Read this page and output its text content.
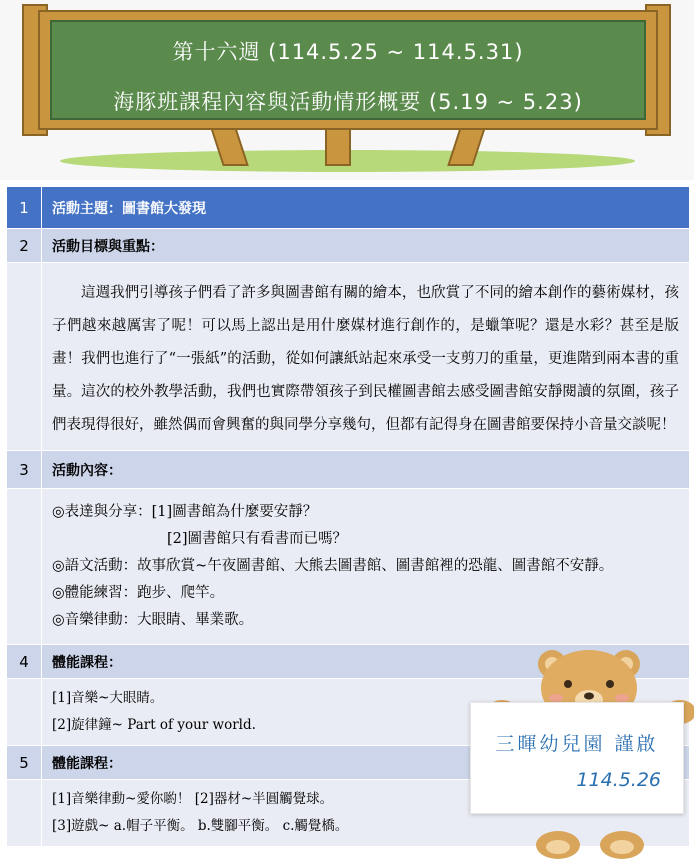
第十六週 (114.5.25 ~ 114.5.31)
海豚班課程內容與活動情形概要 (5.19 ~ 5.23)
1	活動主題：圖書館大發現
2	活動目標與重點：
	這週我們引導孩子們看了許多與圖書館有關的繪本，也欣賞了不同的繪本創作的藝術媒材，孩子們越來越厲害了呢！可以馬上認出是用什麼媒材進行創作的，是蠟筆呢？還是水彩？甚至是版畫！我們也進行了“一張紙”的活動，從如何讓紙站起來承受一支剪刀的重量，更進階到兩本書的重量。這次的校外教學活動，我們也實際帶領孩子到民權圖書館去感受圖書館安靜閱讀的氛圍，孩子們表現得很好，雖然偶而會興奮的與同學分享幾句，但都有記得身在圖書館要保持小音量交談呢！
3	活動內容：

	◎表達與分享：[1]圖書館為什麼要安靜？
[2]圖書館只有看書而已嗎？
◎語文活動：故事欣賞~午夜圖書館、大熊去圖書館、圖書館裡的恐龍、圖書館不安靜。
◎體能練習：跑步、爬竿。
◎音樂律動：大眼睛、畢業歌。

4	體能課程：

	[1]音樂~大眼睛。
[2]旋律鐘~ Part of your world.

5	體能課程：

	[1]音樂律動~愛你喲！ [2]器材~半圓觸覺球。
[3]遊戲~ a.帽子平衡。 b.雙腳平衡。 c.觸覺橋。
三暉幼兒園 謹啟
114.5.26
